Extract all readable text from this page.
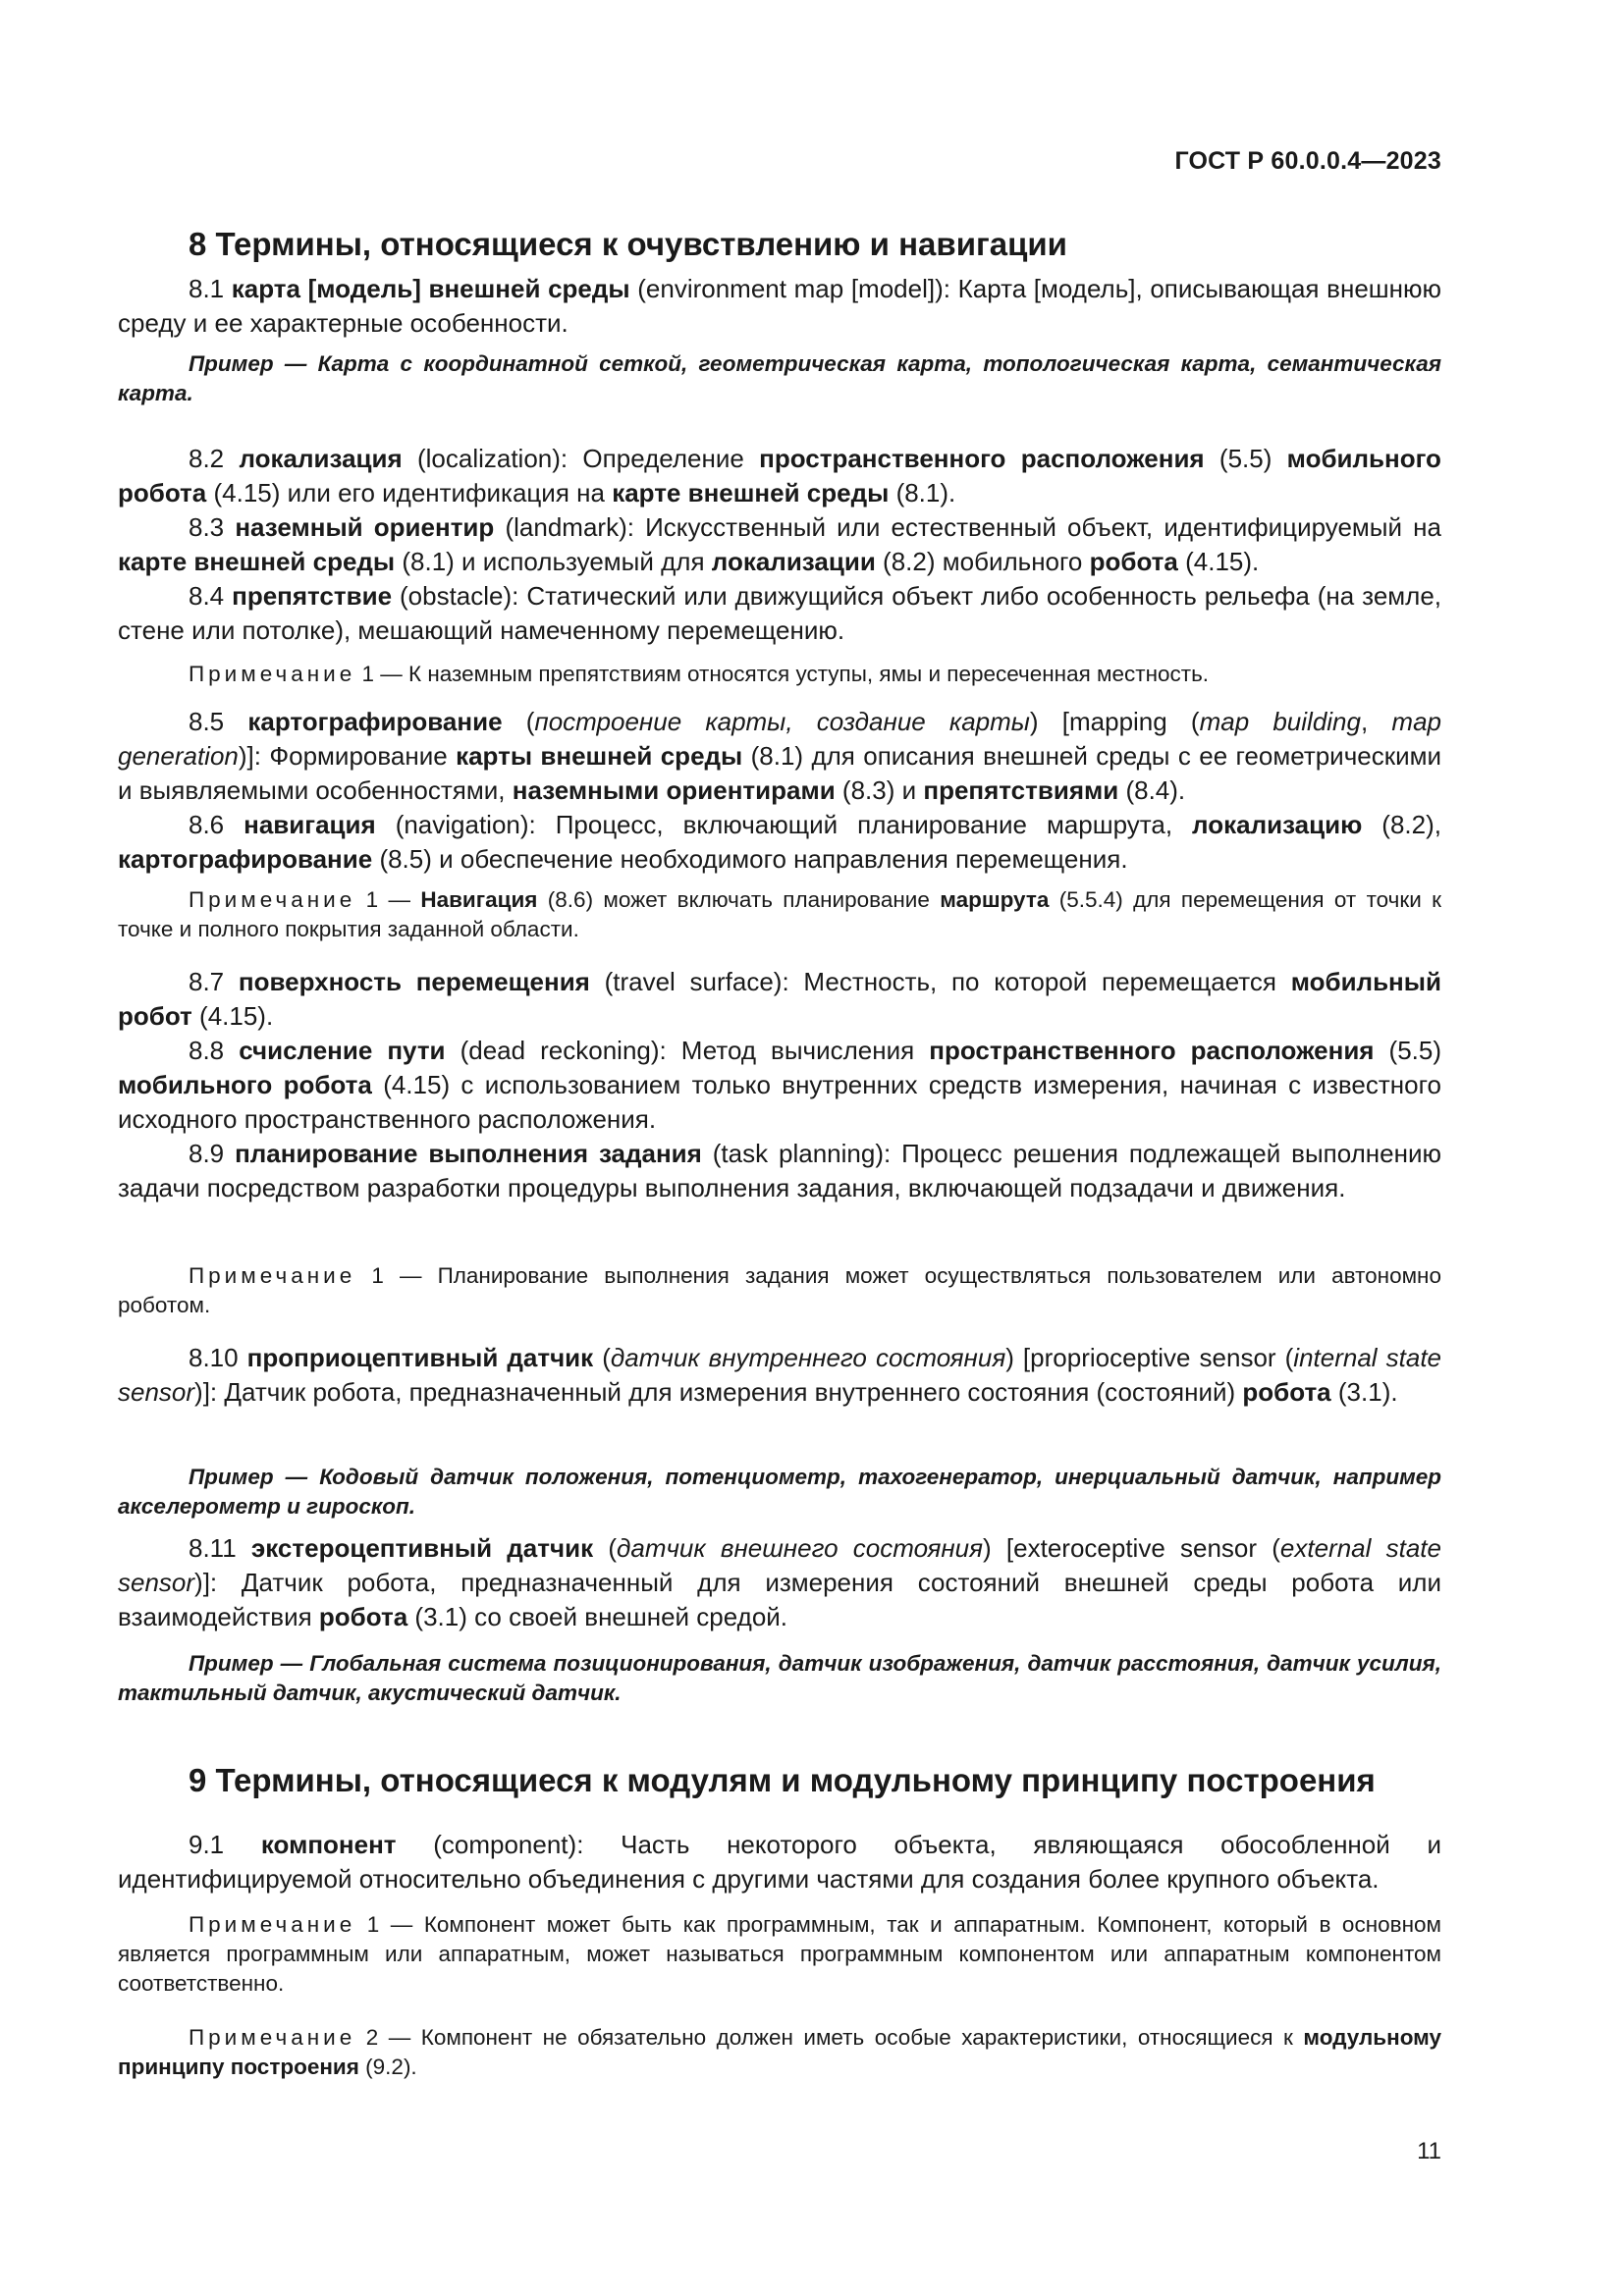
ГОСТ Р 60.0.0.4—2023
8 Термины, относящиеся к очувствлению и навигации

8.1 карта [модель] внешней среды (environment map [model]): Карта [модель], описывающая внешнюю среду и ее характерные особенности.

Пример — Карта с координатной сеткой, геометрическая карта, топологическая карта, семантическая карта.

8.2 локализация (localization): Определение пространственного расположения (5.5) мобильного робота (4.15) или его идентификация на карте внешней среды (8.1).

8.3 наземный ориентир (landmark): Искусственный или естественный объект, идентифицируемый на карте внешней среды (8.1) и используемый для локализации (8.2) мобильного робота (4.15).

8.4 препятствие (obstacle): Статический или движущийся объект либо особенность рельефа (на земле, стене или потолке), мешающий намеченному перемещению.

Примечание 1 — К наземным препятствиям относятся уступы, ямы и пересеченная местность.

8.5 картографирование (построение карты, создание карты) [mapping (map building, map generation)]: Формирование карты внешней среды (8.1) для описания внешней среды с ее геометрическими и выявляемыми особенностями, наземными ориентирами (8.3) и препятствиями (8.4).

8.6 навигация (navigation): Процесс, включающий планирование маршрута, локализацию (8.2), картографирование (8.5) и обеспечение необходимого направления перемещения.

Примечание 1 — Навигация (8.6) может включать планирование маршрута (5.5.4) для перемещения от точки к точке и полного покрытия заданной области.

8.7 поверхность перемещения (travel surface): Местность, по которой перемещается мобильный робот (4.15).

8.8 счисление пути (dead reckoning): Метод вычисления пространственного расположения (5.5) мобильного робота (4.15) с использованием только внутренних средств измерения, начиная с известного исходного пространственного расположения.

8.9 планирование выполнения задания (task planning): Процесс решения подлежащей выполнению задачи посредством разработки процедуры выполнения задания, включающей подзадачи и движения.

Примечание 1 — Планирование выполнения задания может осуществляться пользователем или автономно роботом.

8.10 проприоцептивный датчик (датчик внутреннего состояния) [proprioceptive sensor (internal state sensor)]: Датчик робота, предназначенный для измерения внутреннего состояния (состояний) робота (3.1).

Пример — Кодовый датчик положения, потенциометр, тахогенератор, инерциальный датчик, например акселерометр и гироскоп.

8.11 экстероцептивный датчик (датчик внешнего состояния) [exteroceptive sensor (external state sensor)]: Датчик робота, предназначенный для измерения состояний внешней среды робота или взаимодействия робота (3.1) со своей внешней средой.

Пример — Глобальная система позиционирования, датчик изображения, датчик расстояния, датчик усилия, тактильный датчик, акустический датчик.

9 Термины, относящиеся к модулям и модульному принципу построения

9.1 компонент (component): Часть некоторого объекта, являющаяся обособленной и идентифицируемой относительно объединения с другими частями для создания более крупного объекта.

Примечание 1 — Компонент может быть как программным, так и аппаратным. Компонент, который в основном является программным или аппаратным, может называться программным компонентом или аппаратным компонентом соответственно.

Примечание 2 — Компонент не обязательно должен иметь особые характеристики, относящиеся к модульному принципу построения (9.2).

11
